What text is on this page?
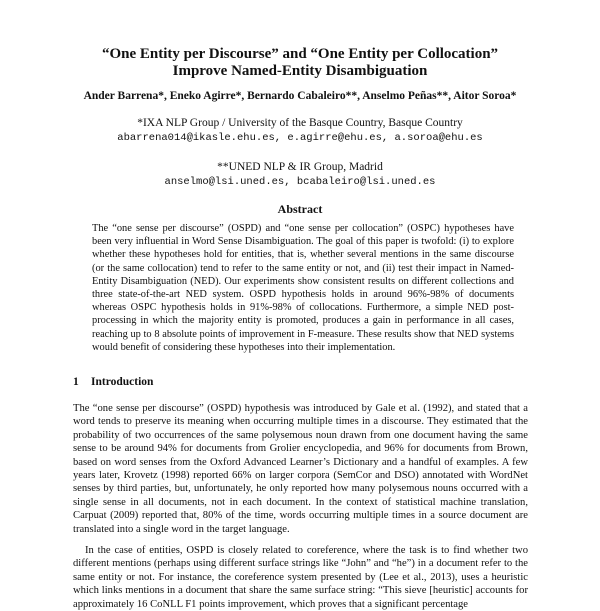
“One Entity per Discourse” and “One Entity per Collocation”
Improve Named-Entity Disambiguation
Ander Barrena*, Eneko Agirre*, Bernardo Cabaleiro**, Anselmo Peñas**, Aitor Soroa*
*IXA NLP Group / University of the Basque Country, Basque Country
abarrena014@ikasle.ehu.es, e.agirre@ehu.es, a.soroa@ehu.es
**UNED NLP & IR Group, Madrid
anselmo@lsi.uned.es, bcabaleiro@lsi.uned.es
Abstract

The “one sense per discourse” (OSPD) and “one sense per collocation” (OSPC) hypotheses have been very influential in Word Sense Disambiguation. The goal of this paper is twofold: (i) to explore whether these hypotheses hold for entities, that is, whether several mentions in the same discourse (or the same collocation) tend to refer to the same entity or not, and (ii) test their impact in Named-Entity Disambiguation (NED). Our experiments show consistent results on different collections and three state-of-the-art NED system. OSPD hypothesis holds in around 96%-98% of documents whereas OSPC hypothesis holds in 91%-98% of collocations. Furthermore, a simple NED post-processing in which the majority entity is promoted, produces a gain in performance in all cases, reaching up to 8 absolute points of improvement in F-measure. These results show that NED systems would benefit of considering these hypotheses into their implementation.

1 Introduction

The “one sense per discourse” (OSPD) hypothesis was introduced by Gale et al. (1992), and stated that a word tends to preserve its meaning when occurring multiple times in a discourse. They estimated that the probability of two occurrences of the same polysemous noun drawn from one document having the same sense to be around 94% for documents from Grolier encyclopedia, and 96% for documents from Brown, based on word senses from the Oxford Advanced Learner’s Dictionary and a handful of examples. A few years later, Krovetz (1998) reported 66% on larger corpora (SemCor and DSO) annotated with WordNet senses by third parties, but, unfortunately, he only reported how many polysemous nouns occurred with a single sense in all documents, not in each document. In the context of statistical machine translation, Carpuat (2009) reported that, 80% of the time, words occurring multiple times in a source document are translated into a single word in the target language.

In the case of entities, OSPD is closely related to coreference, where the task is to find whether two different mentions (perhaps using different surface strings like “John” and “he”) in a document refer to the same entity or not. For instance, the coreference system presented by (Lee et al., 2013), uses a heuristic which links mentions in a document that share the same surface string: “This sieve [heuristic] accounts for approximately 16 CoNLL F1 points improvement, which proves that a significant percentage
